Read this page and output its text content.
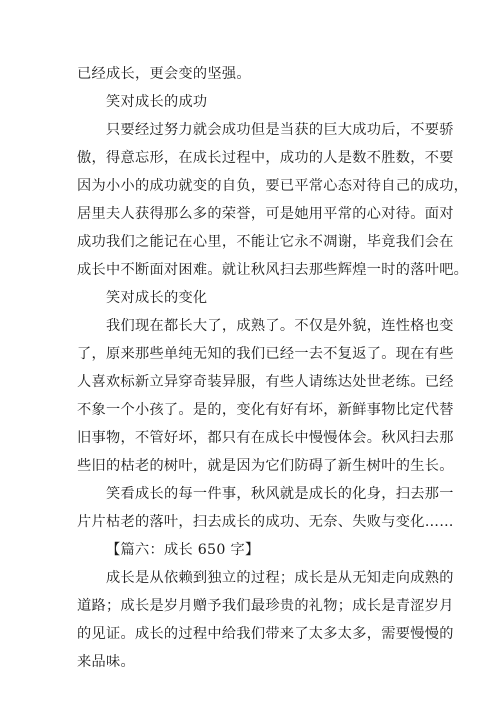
已经成长，更会变的坚强。
笑对成长的成功
只要经过努力就会成功但是当获的巨大成功后，不要骄
傲，得意忘形，在成长过程中，成功的人是数不胜数，不要
因为小小的成功就变的自负，要已平常心态对待自己的成功，
居里夫人获得那么多的荣誉，可是她用平常的心对待。面对
成功我们之能记在心里，不能让它永不凋谢，毕竟我们会在
成长中不断面对困难。就让秋风扫去那些辉煌一时的落叶吧。
笑对成长的变化
我们现在都长大了，成熟了。不仅是外貌，连性格也变
了，原来那些单纯无知的我们已经一去不复返了。现在有些
人喜欢标新立异穿奇装异服，有些人请练达处世老练。已经
不象一个小孩了。是的，变化有好有坏，新鲜事物比定代替
旧事物，不管好坏，都只有在成长中慢慢体会。秋风扫去那
些旧的枯老的树叶，就是因为它们防碍了新生树叶的生长。
笑看成长的每一件事，秋风就是成长的化身，扫去那一
片片枯老的落叶，扫去成长的成功、无奈、失败与变化……
【篇六：成长 650 字】
成长是从依赖到独立的过程；成长是从无知走向成熟的
道路；成长是岁月赠予我们最珍贵的礼物；成长是青涩岁月
的见证。成长的过程中给我们带来了太多太多，需要慢慢的
来品味。
